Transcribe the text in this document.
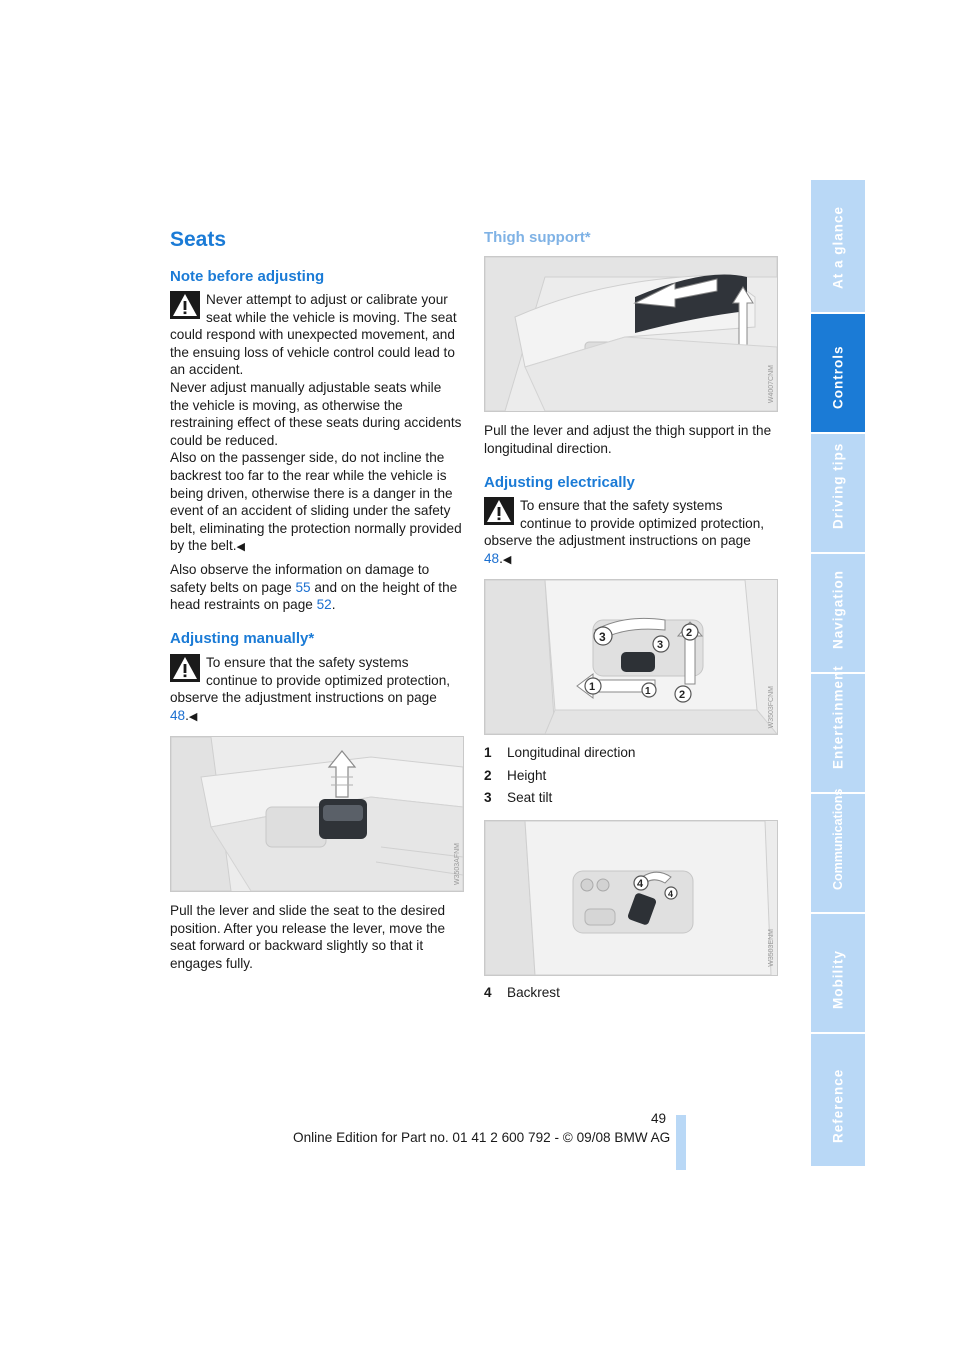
Seats
Note before adjusting

Never attempt to adjust or calibrate your seat while the vehicle is moving. The seat could respond with unexpected movement, and the ensuing loss of vehicle control could lead to an accident.

Never adjust manually adjustable seats while the vehicle is moving, as otherwise the restraining effect of these seats during accidents could be reduced.

Also on the passenger side, do not incline the backrest too far to the rear while the vehicle is being driven, otherwise there is a danger in the event of an accident of sliding under the safety belt, eliminating the protection normally provided by the belt.◀

Also observe the information on damage to safety belts on page 55 and on the height of the head restraints on page 52.
Adjusting manually*

To ensure that the safety systems continue to provide optimized protection, observe the adjustment instructions on page 48.◀

W3503AFNM
Pull the lever and slide the seat to the desired position. After you release the lever, move the seat forward or backward slightly so that it engages fully.
Thigh support*
W4007CNM
Pull the lever and adjust the thigh support in the longitudinal direction.
Adjusting electrically

To ensure that the safety systems continue to provide optimized protection, observe the adjustment instructions on page 48.◀

3
3
2
2
1	1	W3503FCNM
1 Longitudinal direction
2 Height
3 Seat tilt
4
4
W3503ENM
4 Backrest
At a glance
Controls
Driving tips
Navigation
Entertainment
Communications
Mobility
Reference
49
Online Edition for Part no. 01 41 2 600 792 - © 09/08 BMW AG
